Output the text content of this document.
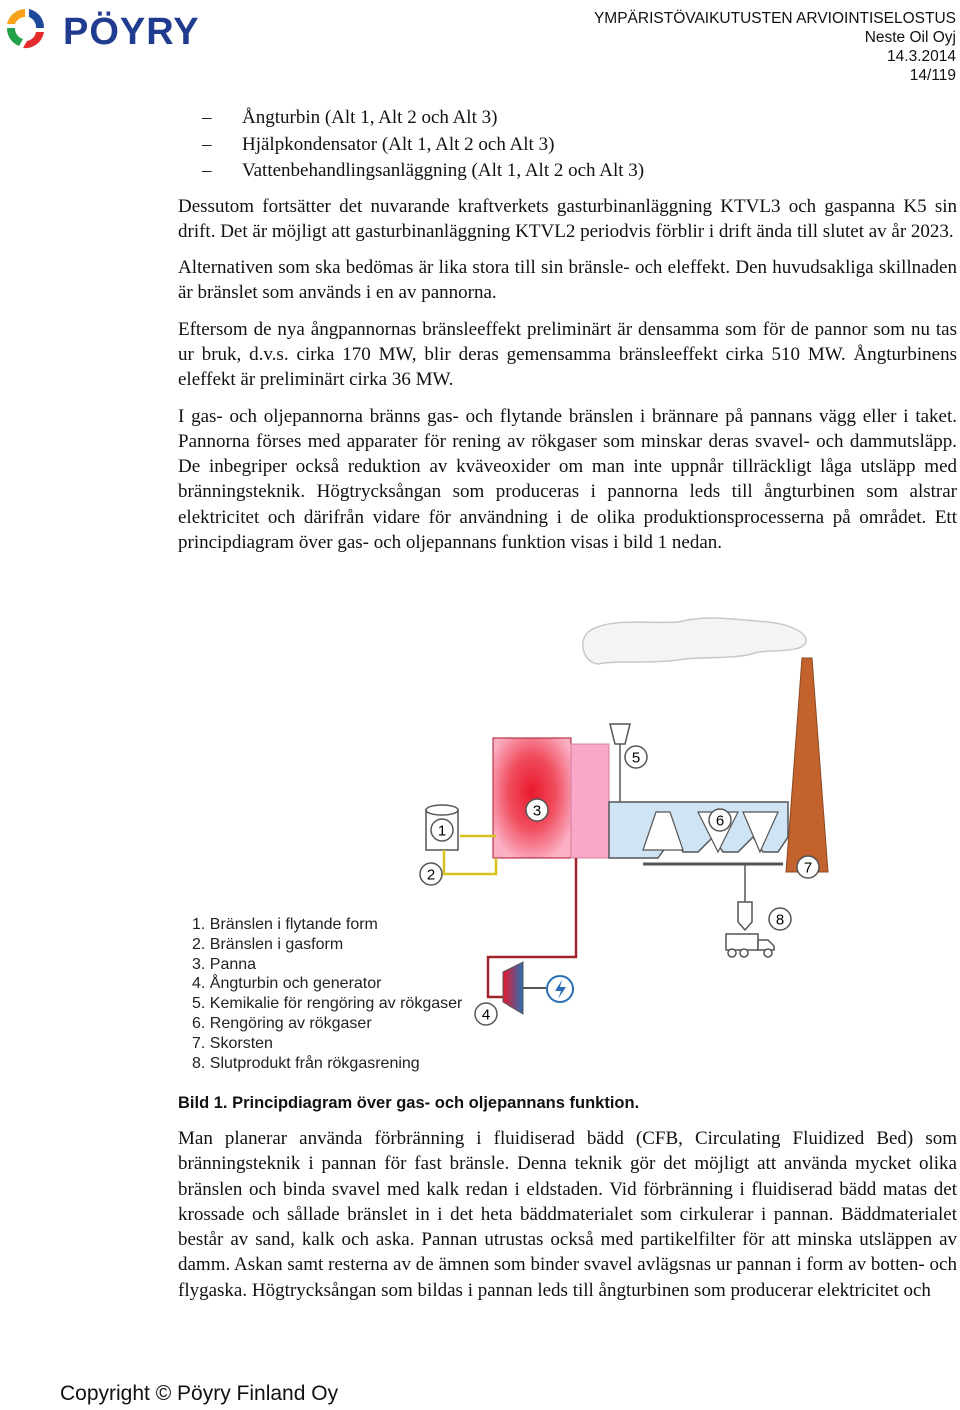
PÖYRY	YMPÄRISTÖVAIKUTUSTEN ARVIOINTISELOSTUS
Neste Oil Oyj
14.3.2014
14/119
– Ångturbin (Alt 1, Alt 2 och Alt 3)
– Hjälpkondensator (Alt 1, Alt 2 och Alt 3)
– Vattenbehandlingsanläggning (Alt 1, Alt 2 och Alt 3)

Dessutom fortsätter det nuvarande kraftverkets gasturbinanläggning KTVL3 och gaspanna K5 sin drift. Det är möjligt att gasturbinanläggning KTVL2 periodvis förblir i drift ända till slutet av år 2023.

Alternativen som ska bedömas är lika stora till sin bränsle- och eleffekt. Den huvudsakliga skillnaden är bränslet som används i en av pannorna.

Eftersom de nya ångpannornas bränsleeffekt preliminärt är densamma som för de pannor som nu tas ur bruk, d.v.s. cirka 170 MW, blir deras gemensamma bränsleeffekt cirka 510 MW. Ångturbinens eleffekt är preliminärt cirka 36 MW.

I gas- och oljepannorna bränns gas- och flytande bränslen i brännare på pannans vägg eller i taket. Pannorna förses med apparater för rening av rökgaser som minskar deras svavel- och dammutsläpp. De inbegriper också reduktion av kväveoxider om man inte uppnår tillräckligt låga utsläpp med bränningsteknik. Högtrycksångan som produceras i pannorna leds till ångturbinen som alstrar elektricitet och därifrån vidare för användning i de olika produktionsprocesserna på området. Ett principdiagram över gas- och oljepannans funktion visas i bild 1 nedan.

1
2
3
4
5
6
7
8
1. Bränslen i flytande form
2. Bränslen i gasform
3. Panna
4. Ångturbin och generator
5. Kemikalie för rengöring av rökgaser
6. Rengöring av rökgaser
7. Skorsten
8. Slutprodukt från rökgasrening
Bild 1. Principdiagram över gas- och oljepannans funktion.

Man planerar använda förbränning i fluidiserad bädd (CFB, Circulating Fluidized Bed) som bränningsteknik i pannan för fast bränsle. Denna teknik gör det möjligt att använda mycket olika bränslen och binda svavel med kalk redan i eldstaden. Vid förbränning i fluidiserad bädd matas det krossade och sållade bränslet in i det heta bäddmaterialet som cirkulerar i pannan. Bäddmaterialet består av sand, kalk och aska. Pannan utrustas också med partikelfilter för att minska utsläppen av damm. Askan samt resterna av de ämnen som binder svavel avlägsnas ur pannan i form av botten- och flygaska. Högtrycksångan som bildas i pannan leds till ångturbinen som producerar elektricitet och

Copyright © Pöyry Finland Oy
